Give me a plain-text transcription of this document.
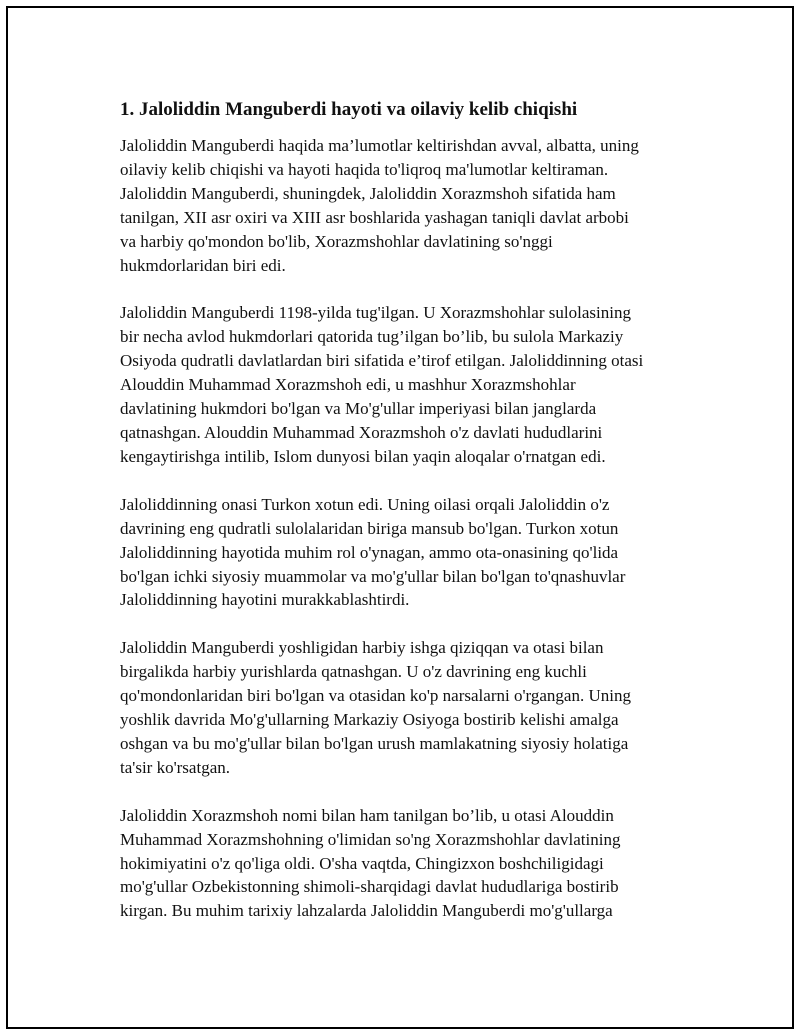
1. Jaloliddin Manguberdi hayoti va oilaviy kelib chiqishi

Jaloliddin Manguberdi haqida ma’lumotlar keltirishdan avval, albatta, uning
oilaviy kelib chiqishi va hayoti haqida to'liqroq ma'lumotlar keltiraman.
Jaloliddin Manguberdi, shuningdek, Jaloliddin Xorazmshoh sifatida ham
tanilgan, XII asr oxiri va XIII asr boshlarida yashagan taniqli davlat arbobi
va harbiy qo'mondon bo'lib, Xorazmshohlar davlatining so'nggi
hukmdorlaridan biri edi.

Jaloliddin Manguberdi 1198-yilda tug'ilgan. U Xorazmshohlar sulolasining
bir necha avlod hukmdorlari qatorida tug’ilgan bo’lib, bu sulola Markaziy
Osiyoda qudratli davlatlardan biri sifatida e’tirof etilgan. Jaloliddinning otasi
Alouddin Muhammad Xorazmshoh edi, u mashhur Xorazmshohlar
davlatining hukmdori bo'lgan va Mo'g'ullar imperiyasi bilan janglarda
qatnashgan. Alouddin Muhammad Xorazmshoh o'z davlati hududlarini
kengaytirishga intilib, Islom dunyosi bilan yaqin aloqalar o'rnatgan edi.

Jaloliddinning onasi Turkon xotun edi. Uning oilasi orqali Jaloliddin o'z
davrining eng qudratli sulolalaridan biriga mansub bo'lgan. Turkon xotun
Jaloliddinning hayotida muhim rol o'ynagan, ammo ota-onasining qo'lida
bo'lgan ichki siyosiy muammolar va mo'g'ullar bilan bo'lgan to'qnashuvlar
Jaloliddinning hayotini murakkablashtirdi.

Jaloliddin Manguberdi yoshligidan harbiy ishga qiziqqan va otasi bilan
birgalikda harbiy yurishlarda qatnashgan. U o'z davrining eng kuchli
qo'mondonlaridan biri bo'lgan va otasidan ko'p narsalarni o'rgangan. Uning
yoshlik davrida Mo'g'ullarning Markaziy Osiyoga bostirib kelishi amalga
oshgan va bu mo'g'ullar bilan bo'lgan urush mamlakatning siyosiy holatiga
ta'sir ko'rsatgan.

Jaloliddin Xorazmshoh nomi bilan ham tanilgan bo’lib, u otasi Alouddin
Muhammad Xorazmshohning o'limidan so'ng Xorazmshohlar davlatining
hokimiyatini o'z qo'liga oldi. O'sha vaqtda, Chingizxon boshchiligidagi
mo'g'ullar Ozbekistonning shimoli-sharqidagi davlat hududlariga bostirib
kirgan. Bu muhim tarixiy lahzalarda Jaloliddin Manguberdi mo'g'ullarga
